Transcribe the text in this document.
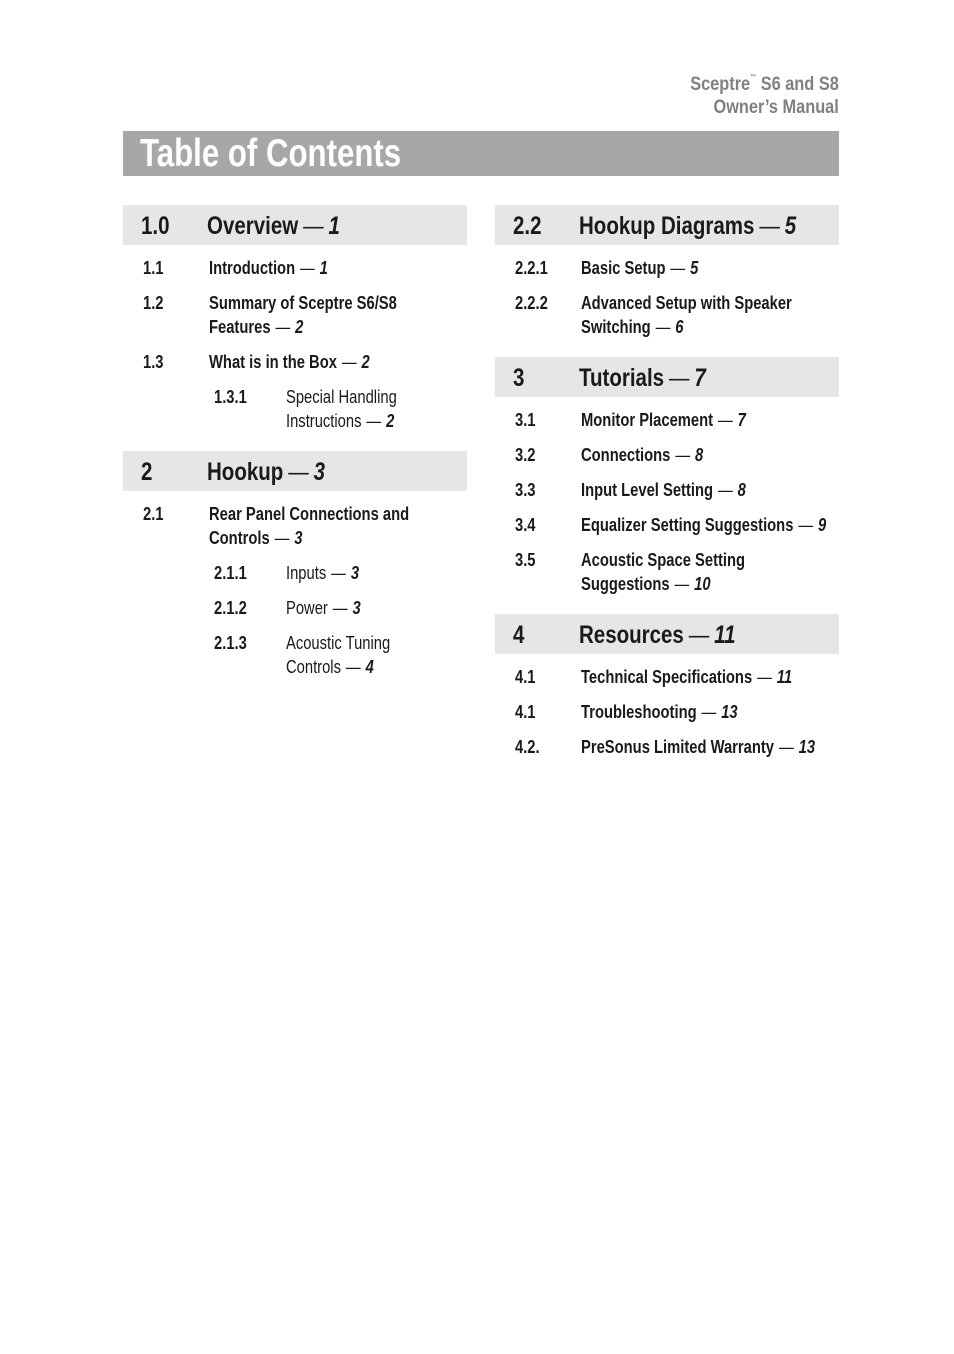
Sceptre™ S6 and S8
Owner’s Manual
Table of Contents
1.0 Overview — 1
1.1	Introduction — 1
1.2	Summary of Sceptre S6/S8 Features — 2
1.3	What is in the Box — 2
1.3.1 Special Handling Instructions — 2
2 Hookup — 3
2.1	Rear Panel Connections and Controls — 3
2.1.1 Inputs — 3
2.1.2 Power — 3
2.1.3 Acoustic Tuning Controls — 4
2.2 Hookup Diagrams — 5
2.2.1 Basic Setup — 5
2.2.2 Advanced Setup with Speaker Switching — 6
3 Tutorials — 7
3.1	Monitor Placement — 7
3.2	Connections — 8
3.3	Input Level Setting — 8
3.4	Equalizer Setting Suggestions — 9
3.5	Acoustic Space Setting Suggestions — 10
4 Resources — 11
4.1	Technical Specifications — 11
4.1	Troubleshooting — 13
4.2. PreSonus Limited Warranty — 13
